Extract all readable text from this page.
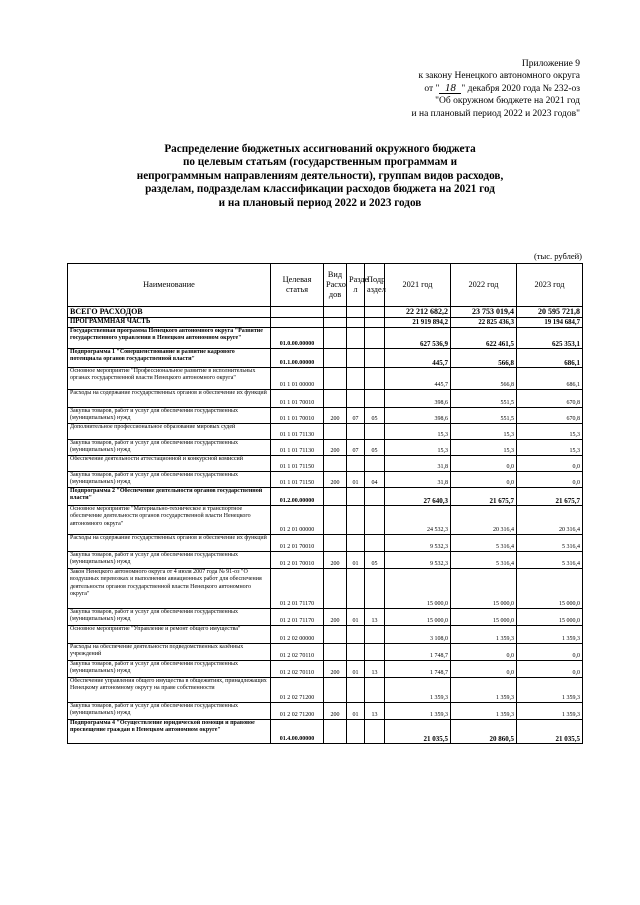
Приложение 9
к закону Ненецкого автономного округа
от " 18 " декабря 2020 года № 232-оз
"Об окружном бюджете на 2021 год
и на плановый период 2022 и 2023 годов"
Распределение бюджетных ассигнований окружного бюджета
по целевым статьям (государственным программам и
непрограммным направлениям деятельности), группам видов расходов,
разделам, подразделам классификации расходов бюджета на 2021 год
и на плановый период 2022 и 2023 годов
(тыс. рублей)
Наименование	Целевая статья	Вид Расхо дов	Разде л	Подр аздел	2021 год	2022 год	2023 год
ВСЕГО РАСХОДОВ					22 212 682,2	23 753 019,4	20 595 721,8
ПРОГРАММНАЯ ЧАСТЬ					21 919 894,2	22 825 436,3	19 194 684,7
Государственная программа Ненецкого автономного округа "Развитие государственного управления в Ненецком автономном округе"	01.0.00.00000				627 536,9	622 461,5	625 353,1
Подпрограмма 1 "Совершенствование и развитие кадрового потенциала органов государственной власти"	01.1.00.00000				445,7	566,8	686,1
Основное мероприятие "Профессиональное развитие в исполнительных органах государственной власти Ненецкого автономного округа"	01 1 01 00000				445,7	566,8	686,1
Расходы на содержание государственных органов и обеспечение их функций	01 1 01 70010				398,6	551,5	670,8
Закупка товаров, работ и услуг для обеспечения государственных (муниципальных) нужд	01 1 01 70010	200	07	05	398,6	551,5	670,8
Дополнительное профессиональное образование мировых судей	01 1 01 71130				15,3	15,3	15,3
Закупка товаров, работ и услуг для обеспечения государственных (муниципальных) нужд	01 1 01 71130	200	07	05	15,3	15,3	15,3
Обеспечение деятельности аттестационной и конкурсной комиссий	01 1 01 71150				31,8	0,0	0,0
Закупка товаров, работ и услуг для обеспечения государственных (муниципальных) нужд	01 1 01 71150	200	01	04	31,8	0,0	0,0
Подпрограмма 2 "Обеспечение деятельности органов государственной власти"	01.2.00.00000				27 640,3	21 675,7	21 675,7
Основное мероприятие "Материально-техническое и транспортное обеспечение деятельности органов государственной власти Ненецкого автономного округа"	01 2 01 00000				24 532,3	20 316,4	20 316,4
Расходы на содержание государственных органов и обеспечение их функций	01 2 01 70010				9 532,3	5 316,4	5 316,4
Закупка товаров, работ и услуг для обеспечения государственных (муниципальных) нужд	01 2 01 70010	200	01	05	9 532,3	5 316,4	5 316,4
Закон Ненецкого автономного округа от 4 июля 2007 года № 91-оз "О воздушных перевозках и выполнении авиационных работ для обеспечения деятельности органов государственной власти Ненецкого автономного округа"	01 2 01 71170				15 000,0	15 000,0	15 000,0
Закупка товаров, работ и услуг для обеспечения государственных (муниципальных) нужд	01 2 01 71170	200	01	13	15 000,0	15 000,0	15 000,0
Основное мероприятие "Управление и ремонт общего имущества"	01 2 02 00000				3 108,0	1 359,3	1 359,3
Расходы на обеспечение деятельности подведомственных казённых учреждений	01 2 02 70110				1 748,7	0,0	0,0
Закупка товаров, работ и услуг для обеспечения государственных (муниципальных) нужд	01 2 02 70110	200	01	13	1 748,7	0,0	0,0
Обеспечение управления общего имущества в общежитиях, принадлежащих Ненецкому автономному округу на праве собственности	01 2 02 71200				1 359,3	1 359,3	1 359,3
Закупка товаров, работ и услуг для обеспечения государственных (муниципальных) нужд	01 2 02 71200	200	01	13	1 359,3	1 359,3	1 359,3
Подпрограмма 4 "Осуществление юридической помощи и правовое просвещение граждан в Ненецком автономном округе"	01.4.00.00000				21 035,5	20 860,5	21 035,5
